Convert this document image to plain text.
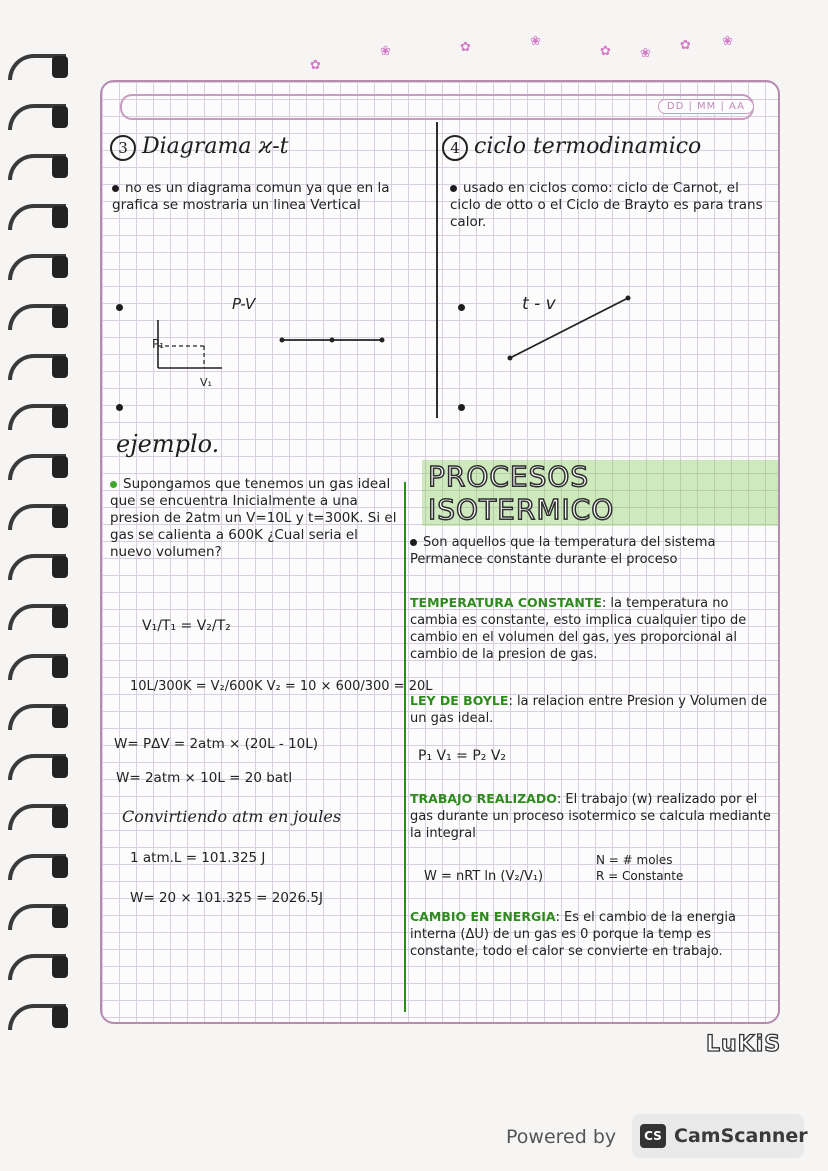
✿
❀	✿	❀
✿ ❀
✿ ❀
DD | MM | AA
3 Diagrama ϰ-t
no es un diagrama comun ya que en la grafica se mostraria un linea Vertical
P-V
P₁
V₁
4 ciclo termodinamico
usado en ciclos como: ciclo de Carnot, el ciclo de otto o el Ciclo de Brayto es para trans calor.
t - v
ejemplo.
Supongamos que tenemos un gas ideal que se encuentra Inicialmente a una presion de 2atm un V=10L y t=300K. Si el gas se calienta a 600K ¿Cual seria el nuevo volumen?
V₁/T₁ = V₂/T₂
10L/300K = V₂/600K V₂ = 10 × 600/300 = 20L
W= PΔV = 2atm × (20L - 10L)
W= 2atm × 10L = 20 batl
Convirtiendo atm en joules
1 atm.L = 101.325 J
W= 20 × 101.325 = 2026.5J
PROCESOS ISOTERMICO
Son aquellos que la temperatura del sistema Permanece constante durante el proceso
TEMPERATURA CONSTANTE: la temperatura no cambia es constante, esto implica cualquier tipo de cambio en el volumen del gas, yes proporcional al cambio de la presion de gas.
LEY DE BOYLE: la relacion entre Presion y Volumen de un gas ideal.
P₁ V₁ = P₂ V₂
TRABAJO REALIZADO: El trabajo (w) realizado por el gas durante un proceso isotermico se calcula mediante la integral
W = nRT ln (V₂/V₁)
N = # moles
R = Constante
CAMBIO EN ENERGIA: Es el cambio de la energia interna (ΔU) de un gas es 0 porque la temp es constante, todo el calor se convierte en trabajo.
LuKiS
Powered by	CS CamScanner
